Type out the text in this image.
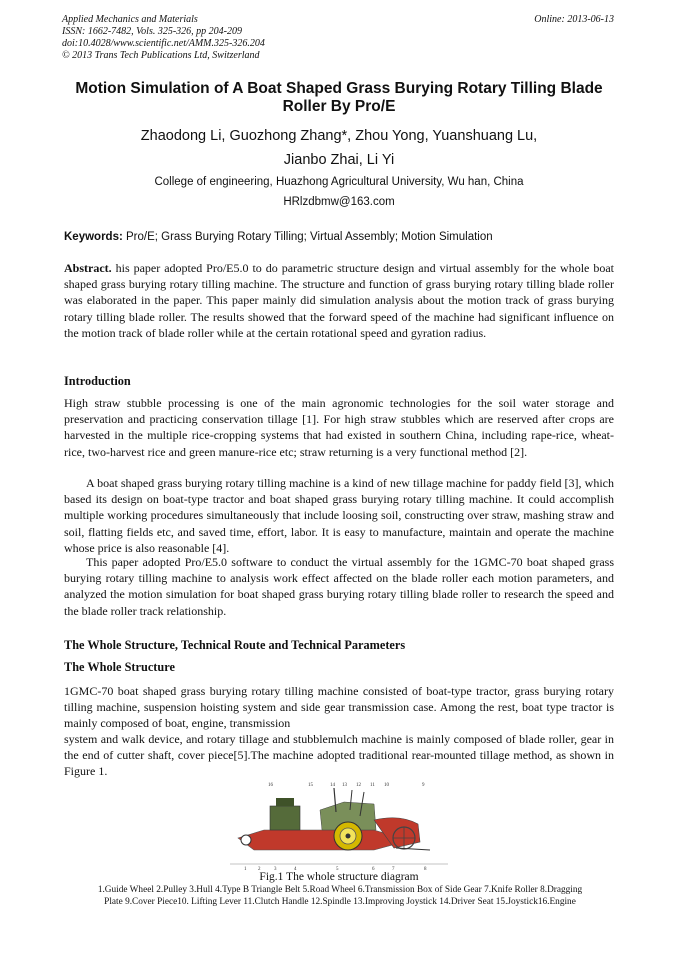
Applied Mechanics and Materials
ISSN: 1662-7482, Vols. 325-326, pp 204-209
doi:10.4028/www.scientific.net/AMM.325-326.204
© 2013 Trans Tech Publications Ltd, Switzerland
Online: 2013-06-13
Motion Simulation of A Boat Shaped Grass Burying Rotary Tilling Blade Roller By Pro/E
Zhaodong Li, Guozhong Zhang*, Zhou Yong, Yuanshuang Lu,
Jianbo Zhai, Li Yi
College of engineering, Huazhong Agricultural University, Wu han, China
HRlzdbmw@163.com
Keywords: Pro/E; Grass Burying Rotary Tilling; Virtual Assembly; Motion Simulation
Abstract. his paper adopted Pro/E5.0 to do parametric structure design and virtual assembly for the whole boat shaped grass burying rotary tilling machine. The structure and function of grass burying rotary tilling blade roller was elaborated in the paper. This paper mainly did simulation analysis about the motion track of grass burying rotary tilling blade roller. The results showed that the forward speed of the machine had significant influence on the motion track of blade roller while at the certain rotational speed and gyration radius.
Introduction
High straw stubble processing is one of the main agronomic technologies for the soil water storage and preservation and practicing conservation tillage [1]. For high straw stubbles which are reserved after crops are harvested in the multiple rice-cropping systems that had existed in southern China, including rape-rice, wheat-rice, two-harvest rice and green manure-rice etc; straw returning is a very functional method [2].
A boat shaped grass burying rotary tilling machine is a kind of new tillage machine for paddy field [3], which based its design on boat-type tractor and boat shaped grass burying rotary tilling machine. It could accomplish multiple working procedures simultaneously that include loosing soil, constructing over straw, mashing straw and soil, flatting fields etc, and saved time, effort, labor. It is easy to manufacture, maintain and operate the machine whose price is also reasonable [4].
This paper adopted Pro/E5.0 software to conduct the virtual assembly for the 1GMC-70 boat shaped grass burying rotary tilling machine to analysis work effect affected on the blade roller each motion parameters, and analyzed the motion simulation for boat shaped grass burying rotary tilling blade roller to research the speed and the blade roller track relationship.
The Whole Structure, Technical Route and Technical Parameters
The Whole Structure
1GMC-70 boat shaped grass burying rotary tilling machine consisted of boat-type tractor, grass burying rotary tilling machine, suspension hoisting system and side gear transmission case. Among the rest, boat type tractor is mainly composed of boat, engine, transmission
system and walk device, and rotary tillage and stubblemulch machine is mainly composed of blade roller, gear in the end of cutter shaft, cover piece[5].The machine adopted traditional rear-mounted tillage method, as shown in Figure 1.
16	15	14 13 12 11 10	9
1 2	3	4	5	6	7	8
Fig.1 The whole structure diagram
1.Guide Wheel 2.Pulley 3.Hull 4.Type B Triangle Belt 5.Road Wheel 6.Transmission Box of Side Gear 7.Knife Roller 8.Dragging
Plate 9.Cover Piece10. Lifting Lever 11.Clutch Handle 12.Spindle 13.Improving Joystick 14.Driver Seat 15.Joystick16.Engine
